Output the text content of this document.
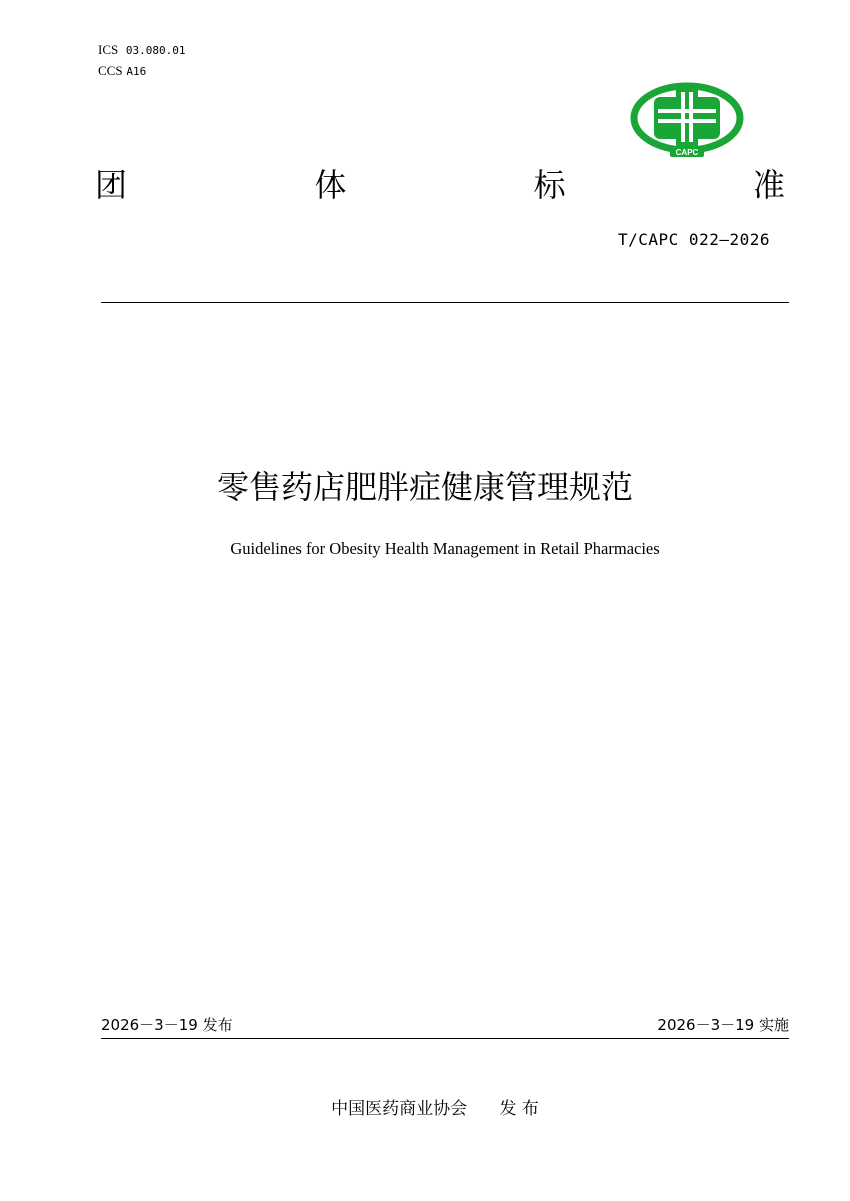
ICS 03.080.01
CCS A16
CAPC
团	体	标	准
T/CAPC 022—2026
零售药店肥胖症健康管理规范
Guidelines for Obesity Health Management in Retail Pharmacies
2026－3－19 发布	2026－3－19 实施
中国医药商业协会 发 布
